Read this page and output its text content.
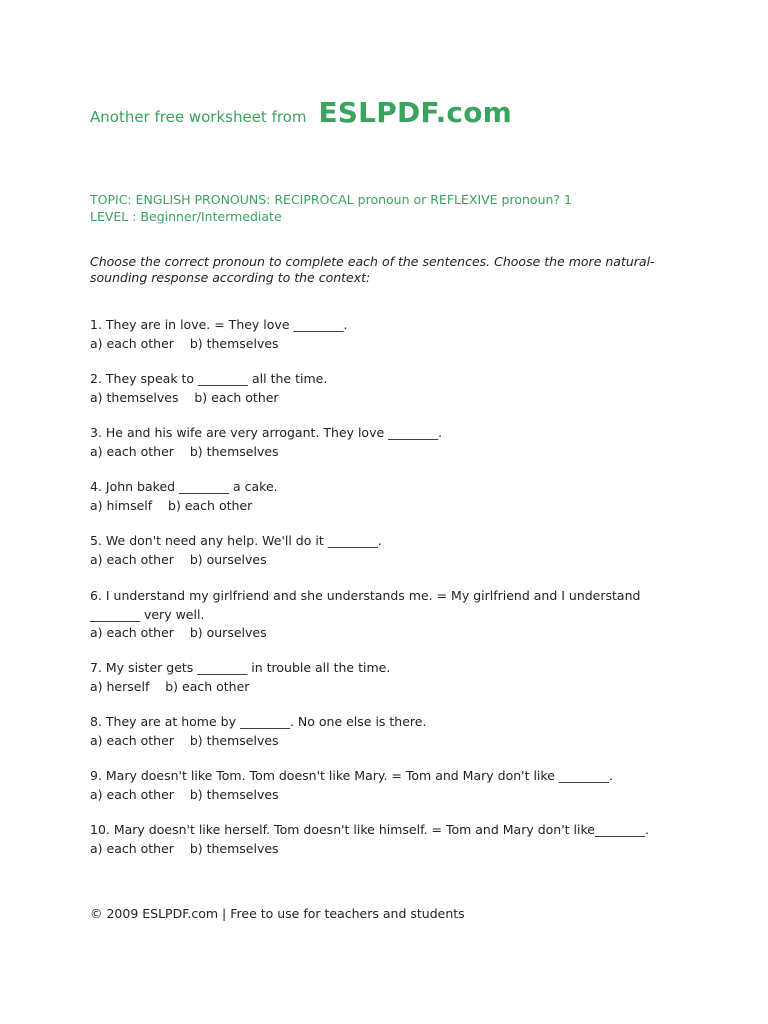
Another free worksheet from ESLPDF.com
TOPIC: ENGLISH PRONOUNS: RECIPROCAL pronoun or REFLEXIVE pronoun? 1
LEVEL : Beginner/Intermediate
Choose the correct pronoun to complete each of the sentences. Choose the more natural-sounding response according to the context:
1. They are in love. = They love ________.
a) each other    b) themselves
2. They speak to ________ all the time.
a) themselves    b) each other
3. He and his wife are very arrogant. They love ________.
a) each other    b) themselves
4. John baked ________ a cake.
a) himself    b) each other
5. We don't need any help. We'll do it ________.
a) each other    b) ourselves
6. I understand my girlfriend and she understands me. = My girlfriend and I understand ________ very well.
a) each other    b) ourselves
7. My sister gets ________ in trouble all the time.
a) herself    b) each other
8. They are at home by ________. No one else is there.
a) each other    b) themselves
9. Mary doesn't like Tom. Tom doesn't like Mary. = Tom and Mary don't like ________.
a) each other    b) themselves
10. Mary doesn't like herself. Tom doesn't like himself. = Tom and Mary don't like________.
a) each other    b) themselves
© 2009 ESLPDF.com | Free to use for teachers and students
